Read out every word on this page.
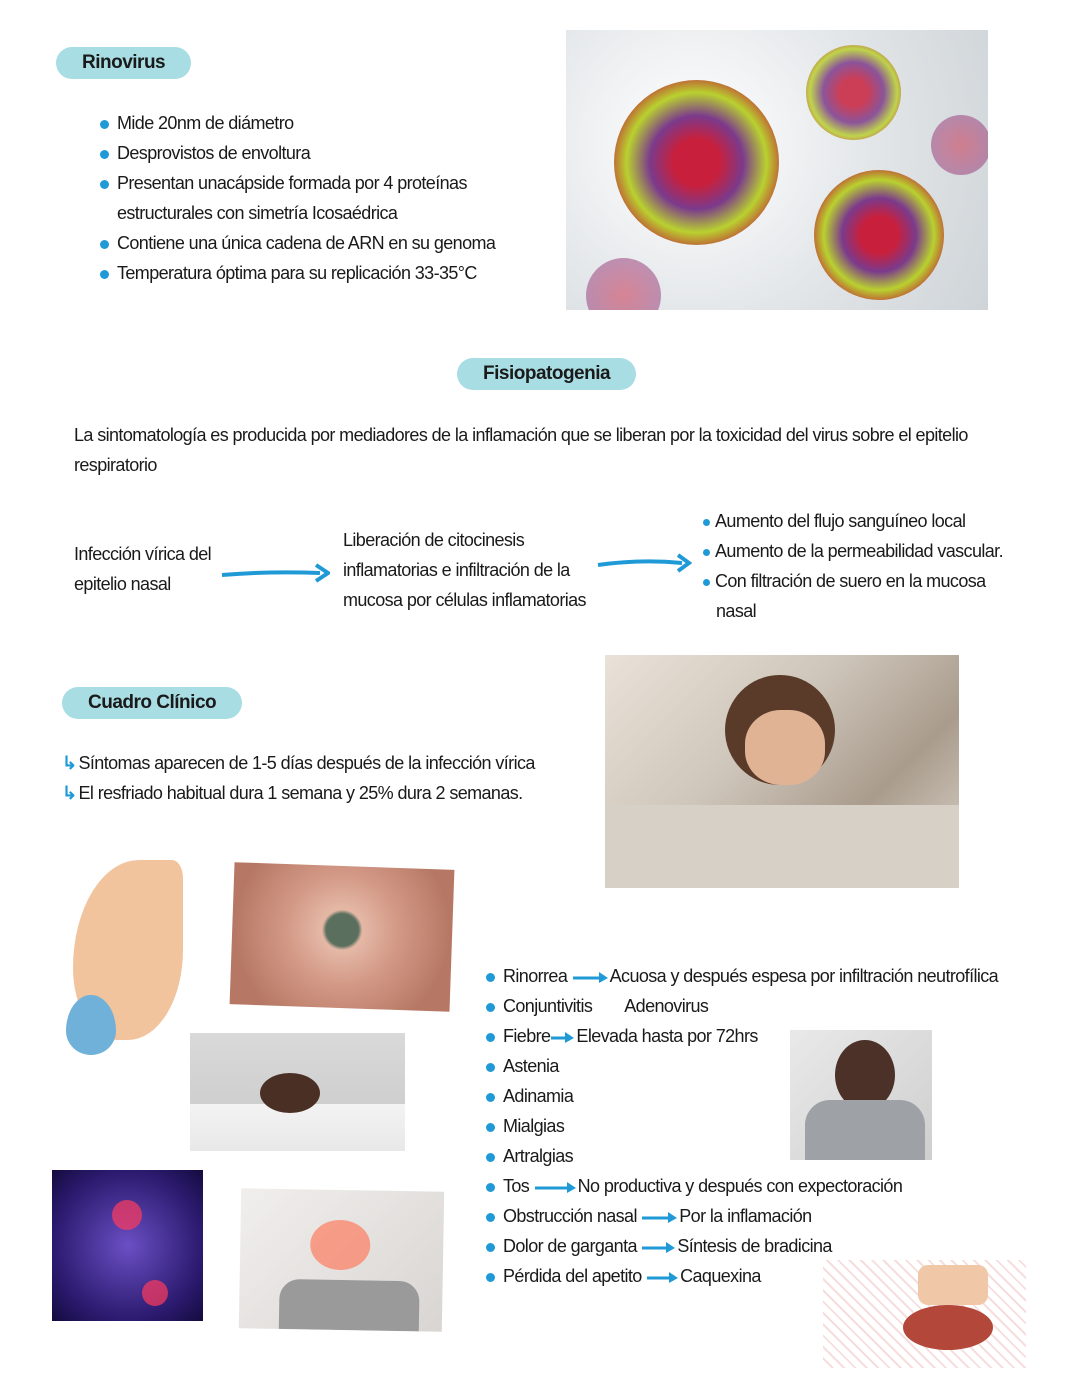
Rinovirus
Mide 20nm de diámetro
Desprovistos de envoltura
Presentan unacápside formada por 4 proteínas
estructurales con simetría Icosaédrica
Contiene una única cadena de ARN en su genoma
Temperatura óptima para su replicación 33-35°C
Fisiopatogenia

La sintomatología es producida por mediadores de la inflamación que se liberan por la toxicidad del virus sobre el epitelio respiratorio

Infección vírica del
epitelio nasal
Liberación de citocinesis
inflamatorias e infiltración de la
mucosa por células inflamatorias
Aumento del flujo sanguíneo local
Aumento de la permeabilidad vascular.
Con filtración de suero en la mucosa
nasal
Cuadro Clínico
↳ Síntomas aparecen de 1-5 días después de la infección vírica
↳ El resfriado habitual dura 1 semana y 25% dura 2 semanas.
Rinorrea Acuosa y después espesa por infiltración neutrofílica
Conjuntivitis Adenovirus
Fiebre Elevada hasta por 72hrs
Astenia
Adinamia
Mialgias
Artralgias
Tos	No productiva y después con expectoración
Obstrucción nasal Por la inflamación
Dolor de garganta Síntesis de bradicina
Pérdida del apetito Caquexina
